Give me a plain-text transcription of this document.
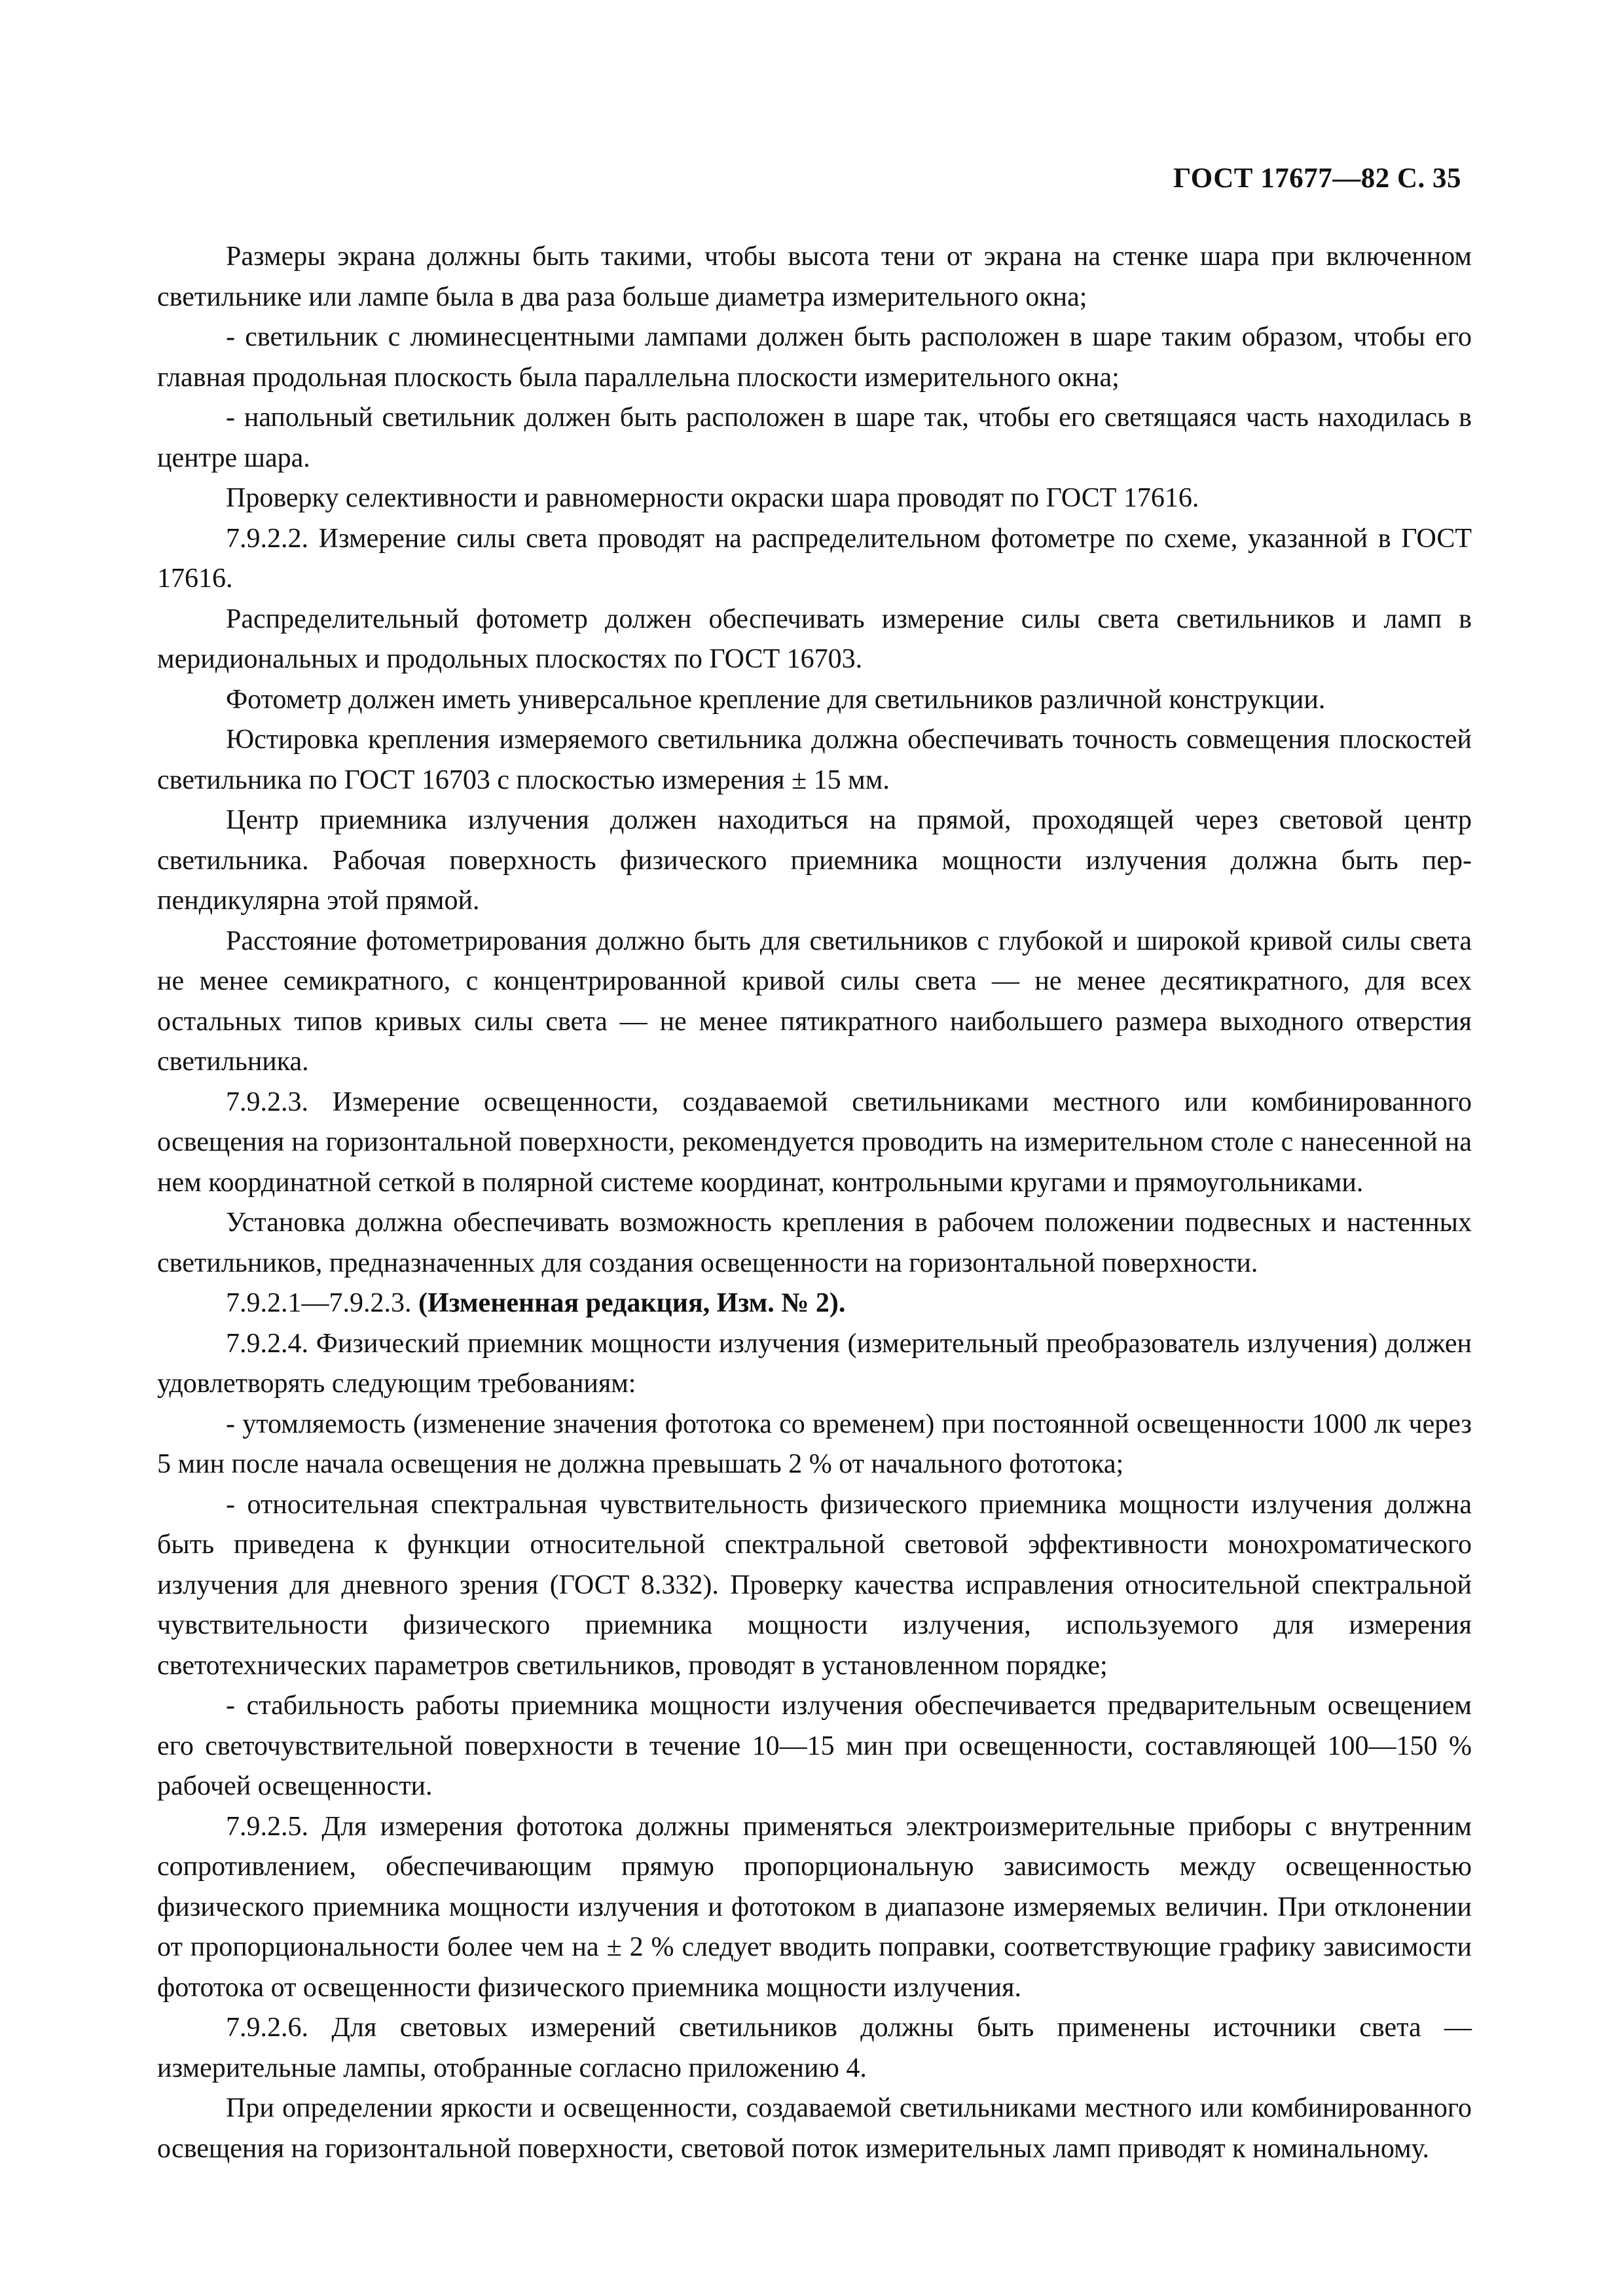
ГОСТ 17677—82 С. 35

Размеры экрана должны быть такими, чтобы высота тени от экрана на стенке шара при включенном светильнике или лампе была в два раза больше диаметра измерительного окна;

- светильник с люминесцентными лампами должен быть расположен в шаре таким образом, чтобы его главная продольная плоскость была параллельна плоскости измерительного окна;

- напольный светильник должен быть расположен в шаре так, чтобы его светящаяся часть находилась в центре шара.

Проверку селективности и равномерности окраски шара проводят по ГОСТ 17616.

7.9.2.2. Измерение силы света проводят на распределительном фотометре по схеме, указанной в ГОСТ 17616.

Распределительный фотометр должен обеспечивать измерение силы света светильников и ламп в меридиональных и продольных плоскостях по ГОСТ 16703.

Фотометр должен иметь универсальное крепление для светильников различной конструкции.

Юстировка крепления измеряемого светильника должна обеспечивать точность совмещения плоскостей светильника по ГОСТ 16703 с плоскостью измерения ± 15 мм.

Центр приемника излучения должен находиться на прямой, проходящей через световой центр светильника. Рабочая поверхность физического приемника мощности излучения должна быть перпендикулярна этой прямой.

Расстояние фотометрирования должно быть для светильников с глубокой и широкой кривой силы света не менее семикратного, с концентрированной кривой силы света — не менее десятикратного, для всех остальных типов кривых силы света — не менее пятикратного наибольшего размера выходного отверстия светильника.

7.9.2.3. Измерение освещенности, создаваемой светильниками местного или комбинированного освещения на горизонтальной поверхности, рекомендуется проводить на измерительном столе с нанесенной на нем координатной сеткой в полярной системе координат, контрольными кругами и прямоугольниками.

Установка должна обеспечивать возможность крепления в рабочем положении подвесных и настенных светильников, предназначенных для создания освещенности на горизонтальной поверхности.

7.9.2.1—7.9.2.3. (Измененная редакция, Изм. № 2).

7.9.2.4. Физический приемник мощности излучения (измерительный преобразователь излучения) должен удовлетворять следующим требованиям:

- утомляемость (изменение значения фототока со временем) при постоянной освещенности 1000 лк через 5 мин после начала освещения не должна превышать 2 % от начального фототока;

- относительная спектральная чувствительность физического приемника мощности излучения должна быть приведена к функции относительной спектральной световой эффективности монохроматического излучения для дневного зрения (ГОСТ 8.332). Проверку качества исправления относительной спектральной чувствительности физического приемника мощности излучения, используемого для измерения светотехнических параметров светильников, проводят в установленном порядке;

- стабильность работы приемника мощности излучения обеспечивается предварительным освещением его светочувствительной поверхности в течение 10—15 мин при освещенности, составляющей 100—150 % рабочей освещенности.

7.9.2.5. Для измерения фототока должны применяться электроизмерительные приборы с внутренним сопротивлением, обеспечивающим прямую пропорциональную зависимость между освещенностью физического приемника мощности излучения и фототоком в диапазоне измеряемых величин. При отклонении от пропорциональности более чем на ± 2 % следует вводить поправки, соответствующие графику зависимости фототока от освещенности физического приемника мощности излучения.

7.9.2.6. Для световых измерений светильников должны быть применены источники света — измерительные лампы, отобранные согласно приложению 4.

При определении яркости и освещенности, создаваемой светильниками местного или комбинированного освещения на горизонтальной поверхности, световой поток измерительных ламп приводят к номинальному.
